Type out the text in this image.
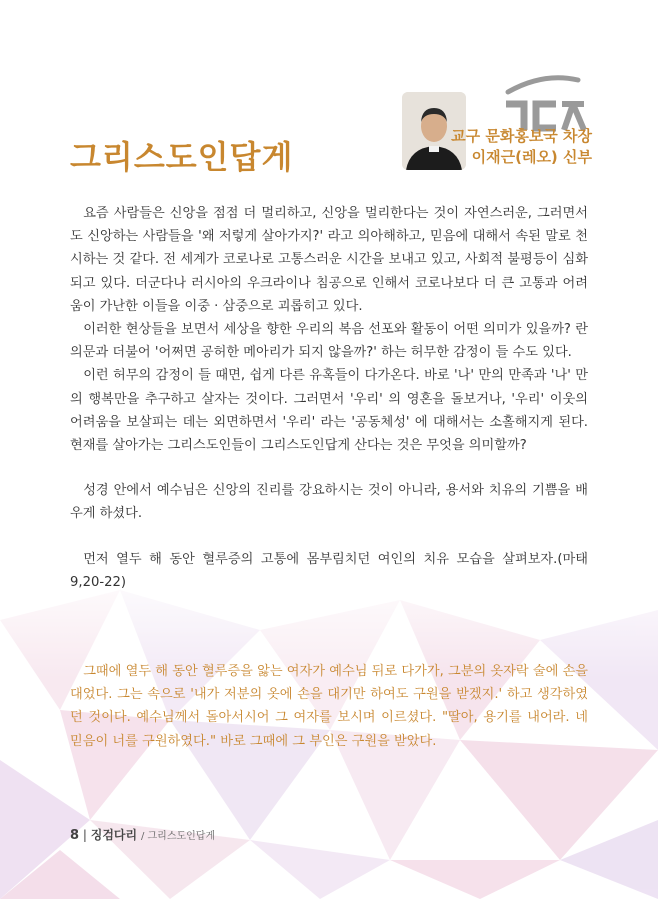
그리스도인답게
교구 문화홍보국 차장
이재근(레오) 신부

요즘 사람들은 신앙을 점점 더 멀리하고, 신앙을 멀리한다는 것이 자연스러운, 그러면서도 신앙하는 사람들을 '왜 저렇게 살아가지?' 라고 의아해하고, 믿음에 대해서 속된 말로 천시하는 것 같다. 전 세계가 코로나로 고통스러운 시간을 보내고 있고, 사회적 불평등이 심화되고 있다. 더군다나 러시아의 우크라이나 침공으로 인해서 코로나보다 더 큰 고통과 어려움이 가난한 이들을 이중 · 삼중으로 괴롭히고 있다.

이러한 현상들을 보면서 세상을 향한 우리의 복음 선포와 활동이 어떤 의미가 있을까? 란 의문과 더불어 '어쩌면 공허한 메아리가 되지 않을까?' 하는 허무한 감정이 들 수도 있다.

이런 허무의 감정이 들 때면, 쉽게 다른 유혹들이 다가온다. 바로 '나' 만의 만족과 '나' 만의 행복만을 추구하고 살자는 것이다. 그러면서 '우리' 의 영혼을 돌보거나, '우리' 이웃의 어려움을 보살피는 데는 외면하면서 '우리' 라는 '공동체성' 에 대해서는 소홀해지게 된다. 현재를 살아가는 그리스도인들이 그리스도인답게 산다는 것은 무엇을 의미할까?

성경 안에서 예수님은 신앙의 진리를 강요하시는 것이 아니라, 용서와 치유의 기쁨을 배우게 하셨다.

먼저 열두 해 동안 혈루증의 고통에 몸부림치던 여인의 치유 모습을 살펴보자.(마태 9,20-22)

그때에 열두 해 동안 혈루증을 앓는 여자가 예수님 뒤로 다가가, 그분의 옷자락 술에 손을 대었다. 그는 속으로 '내가 저분의 옷에 손을 대기만 하여도 구원을 받겠지.' 하고 생각하였던 것이다. 예수님께서 돌아서시어 그 여자를 보시며 이르셨다. "딸아, 용기를 내어라. 네 믿음이 너를 구원하였다." 바로 그때에 그 부인은 구원을 받았다.

8 | 징검다리 / 그리스도인답게
